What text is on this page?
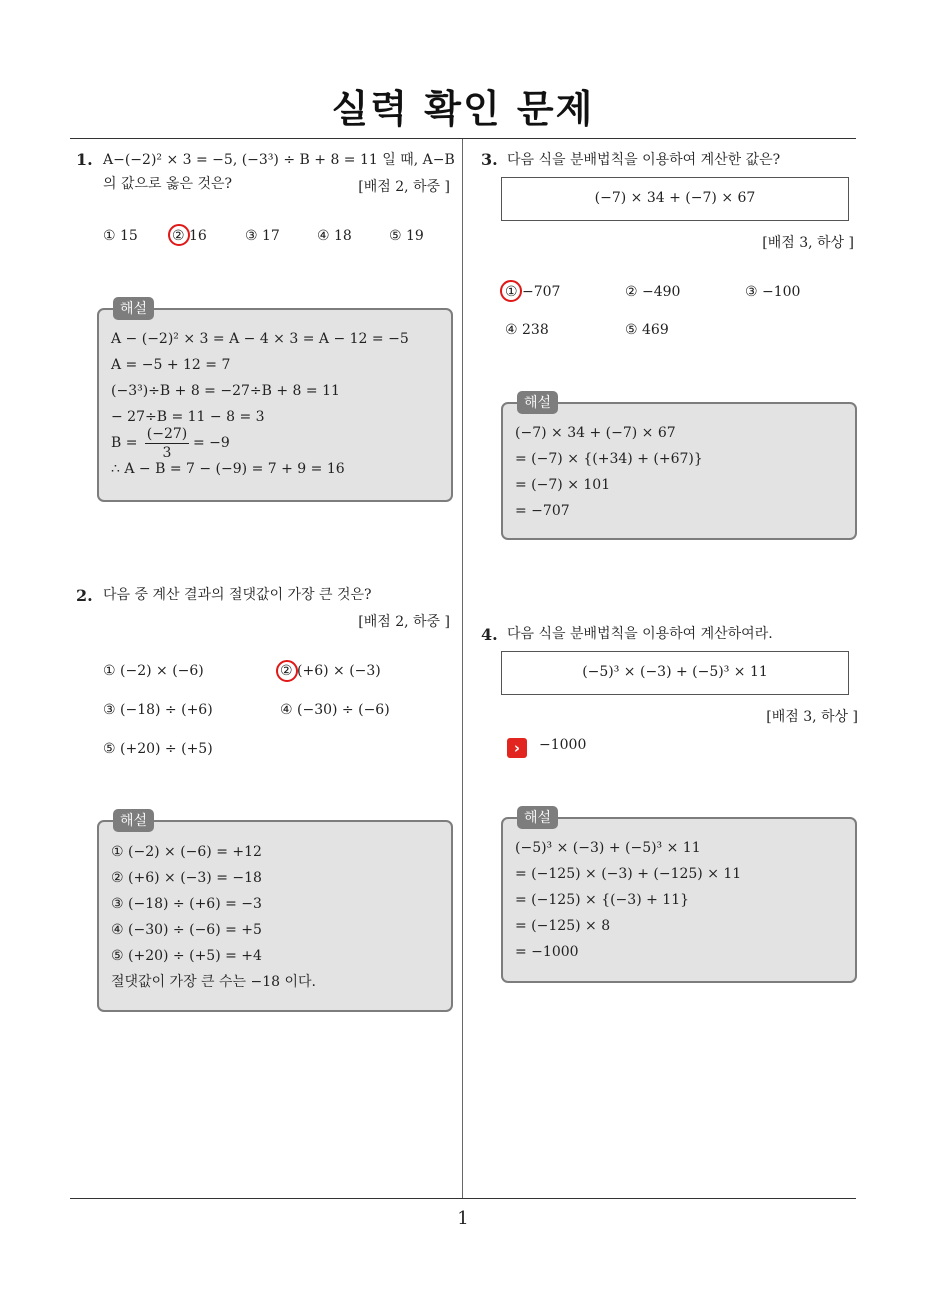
실력 확인 문제
1
1. A−(−2)² × 3 = −5, (−3³) ÷ B + 8 = 11 일 때, A−B
의 값으로 옳은 것은?	[배점 2, 하중 ]
① 15 ② 16	③ 17	④ 18	⑤ 19
A − (−2)² × 3 = A − 4 × 3 = A − 12 = −5
A = −5 + 12 = 7
(−3³)÷B + 8 = −27÷B + 8 = 11
− 27÷B = 11 − 8 = 3
B =
(−27)
3
= −9
∴ A − B = 7 − (−9) = 7 + 9 = 16
해설
2. 다음 중 계산 결과의 절댓값이 가장 큰 것은?
[배점 2, 하중 ]
① (−2) × (−6)	② (+6) × (−3)
③ (−18) ÷ (+6)	④ (−30) ÷ (−6)
⑤ (+20) ÷ (+5)
① (−2) × (−6) = +12
② (+6) × (−3) = −18
③ (−18) ÷ (+6) = −3
④ (−30) ÷ (−6) = +5
⑤ (+20) ÷ (+5) = +4
절댓값이 가장 큰 수는 −18 이다.
해설
3. 다음 식을 분배법칙을 이용하여 계산한 값은?
(−7) × 34 + (−7) × 67
[배점 3, 하상 ]
① −707	② −490	③ −100
④ 238	⑤ 469
(−7) × 34 + (−7) × 67
= (−7) × {(+34) + (+67)}
= (−7) × 101
= −707
해설
4. 다음 식을 분배법칙을 이용하여 계산하여라.
(−5)³ × (−3) + (−5)³ × 11
[배점 3, 하상 ]
›	−1000
(−5)³ × (−3) + (−5)³ × 11
= (−125) × (−3) + (−125) × 11
= (−125) × {(−3) + 11}
= (−125) × 8
= −1000
해설
